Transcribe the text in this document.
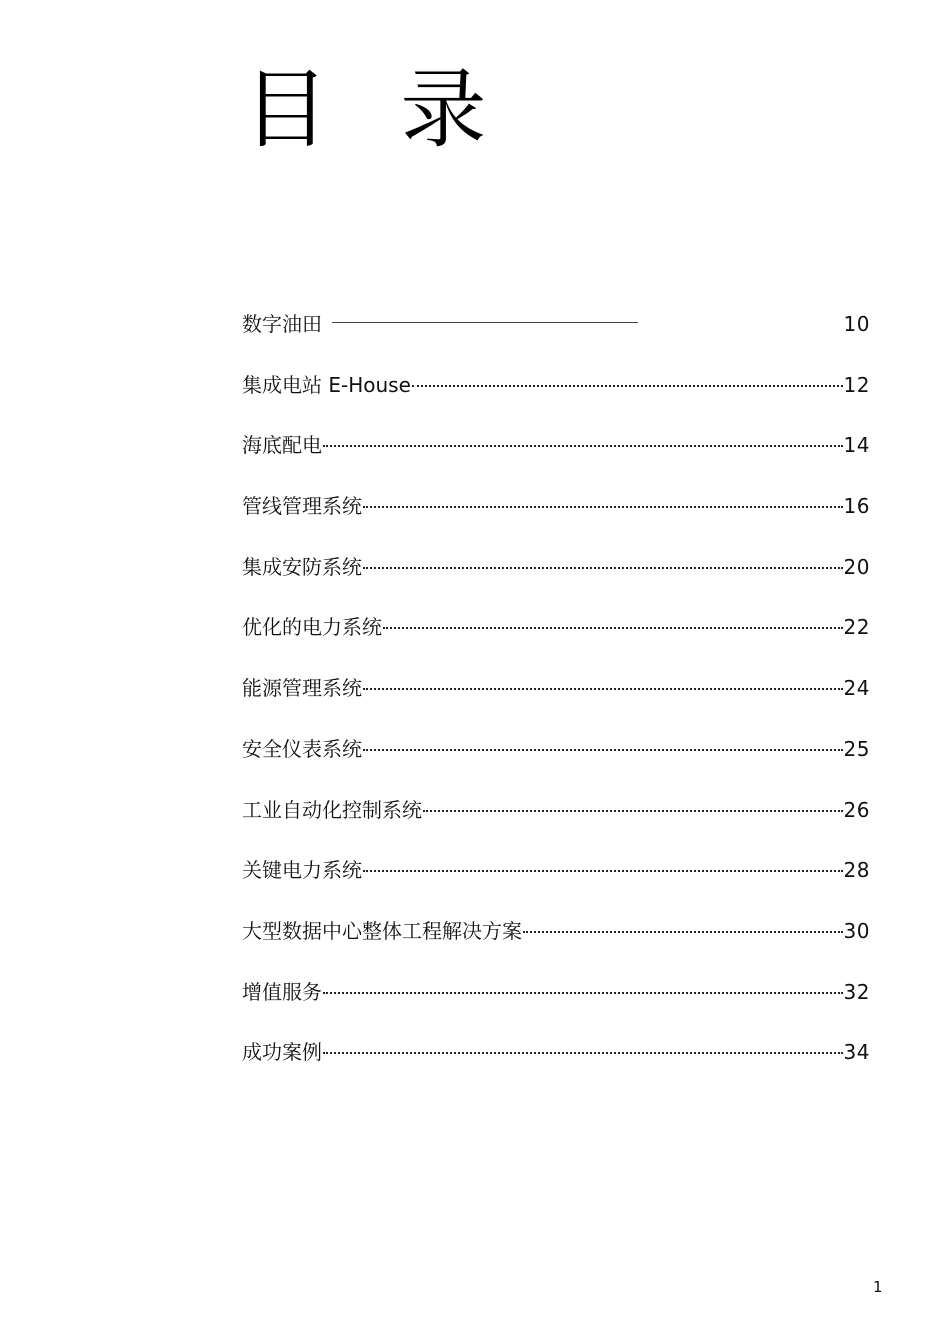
目 录
数字油田	10
集成电站 E-House	12
海底配电	14
管线管理系统	16
集成安防系统	20
优化的电力系统	22
能源管理系统	24
安全仪表系统	25
工业自动化控制系统	26
关键电力系统	28
大型数据中心整体工程解决方案	30
增值服务	32
成功案例	34
1
